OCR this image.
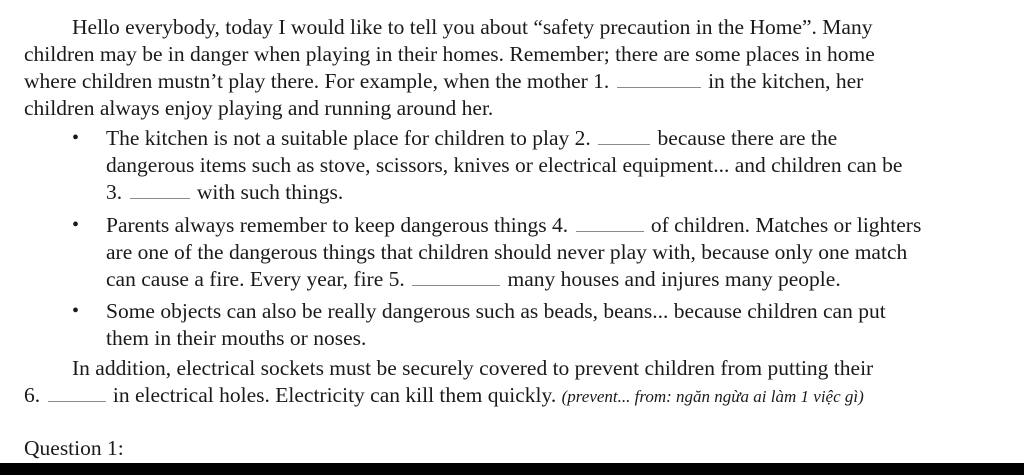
Hello everybody, today I would like to tell you about “safety precaution in the Home”. Many
children may be in danger when playing in their homes. Remember; there are some places in home
where children mustn’t play there. For example, when the mother 1.	in the kitchen, her
children always enjoy playing and running around her.
• The kitchen is not a suitable place for children to play 2.	because there are the
dangerous items such as stove, scissors, knives or electrical equipment... and children can be
3.	with such things.
• Parents always remember to keep dangerous things 4.	of children. Matches or lighters
are one of the dangerous things that children should never play with, because only one match
can cause a fire. Every year, fire 5.	many houses and injures many people.
• Some objects can also be really dangerous such as beads, beans... because children can put
them in their mouths or noses.
In addition, electrical sockets must be securely covered to prevent children from putting their
6.	in electrical holes. Electricity can kill them quickly. (prevent... from: ngăn ngừa ai làm 1 việc gì)
Question 1:
